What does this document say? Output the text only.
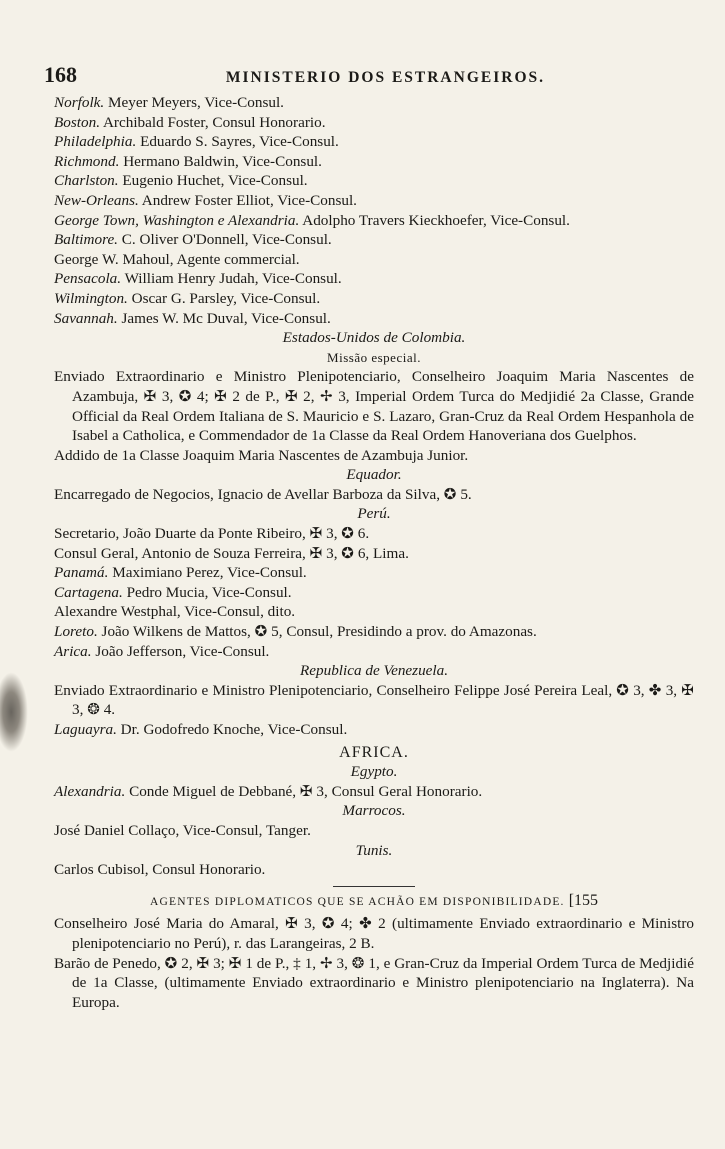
168	MINISTERIO DOS ESTRANGEIROS.
Norfolk. Meyer Meyers, Vice-Consul.
Boston. Archibald Foster, Consul Honorario.
Philadelphia. Eduardo S. Sayres, Vice-Consul.
Richmond. Hermano Baldwin, Vice-Consul.
Charlston. Eugenio Huchet, Vice-Consul.
New-Orleans. Andrew Foster Elliot, Vice-Consul.
George Town, Washington e Alexandria. Adolpho Travers Kieckhoefer, Vice-Consul.
Baltimore. C. Oliver O'Donnell, Vice-Consul.
George W. Mahoul, Agente commercial.
Pensacola. William Henry Judah, Vice-Consul.
Wilmington. Oscar G. Parsley, Vice-Consul.
Savannah. James W. Mc Duval, Vice-Consul.
Estados-Unidos de Colombia.
Missão especial.
Enviado Extraordinario e Ministro Plenipotenciario, Conselheiro Joaquim Maria Nascentes de Azambuja, ✠ 3, ✪ 4; ✠ 2 de P., ✠ 2, ✢ 3, Imperial Ordem Turca do Medjidié 2a Classe, Grande Official da Real Ordem Italiana de S. Mauricio e S. Lazaro, Gran-Cruz da Real Ordem Hespanhola de Isabel a Catholica, e Commendador de 1a Classe da Real Ordem Hanoveriana dos Guelphos.
Addido de 1a Classe Joaquim Maria Nascentes de Azambuja Junior.
Equador.
Encarregado de Negocios, Ignacio de Avellar Barboza da Silva, ✪ 5.
Perú.
Secretario, João Duarte da Ponte Ribeiro, ✠ 3, ✪ 6.
Consul Geral, Antonio de Souza Ferreira, ✠ 3, ✪ 6, Lima.
Panamá. Maximiano Perez, Vice-Consul.
Cartagena. Pedro Mucia, Vice-Consul.
Alexandre Westphal, Vice-Consul, dito.
Loreto. João Wilkens de Mattos, ✪ 5, Consul, Presidindo a prov. do Amazonas.
Arica. João Jefferson, Vice-Consul.
Republica de Venezuela.
Enviado Extraordinario e Ministro Plenipotenciario, Conselheiro Felippe José Pereira Leal, ✪ 3, ✤ 3, ✠ 3, ❂ 4.
Laguayra. Dr. Godofredo Knoche, Vice-Consul.
AFRICA.
Egypto.
Alexandria. Conde Miguel de Debbané, ✠ 3, Consul Geral Honorario.
Marrocos.
José Daniel Collaço, Vice-Consul, Tanger.
Tunis.
Carlos Cubisol, Consul Honorario.
AGENTES DIPLOMATICOS QUE SE ACHÃO EM DISPONIBILIDADE. [155
Conselheiro José Maria do Amaral, ✠ 3, ✪ 4; ✤ 2 (ultimamente Enviado extraordinario e Ministro plenipotenciario no Perú), r. das Larangeiras, 2 B.
Barão de Penedo, ✪ 2, ✠ 3; ✠ 1 de P., ‡ 1, ✢ 3, ❂ 1, e Gran-Cruz da Imperial Ordem Turca de Medjidié de 1a Classe, (ultimamente Enviado extraordinario e Ministro plenipotenciario na Inglaterra). Na Europa.
